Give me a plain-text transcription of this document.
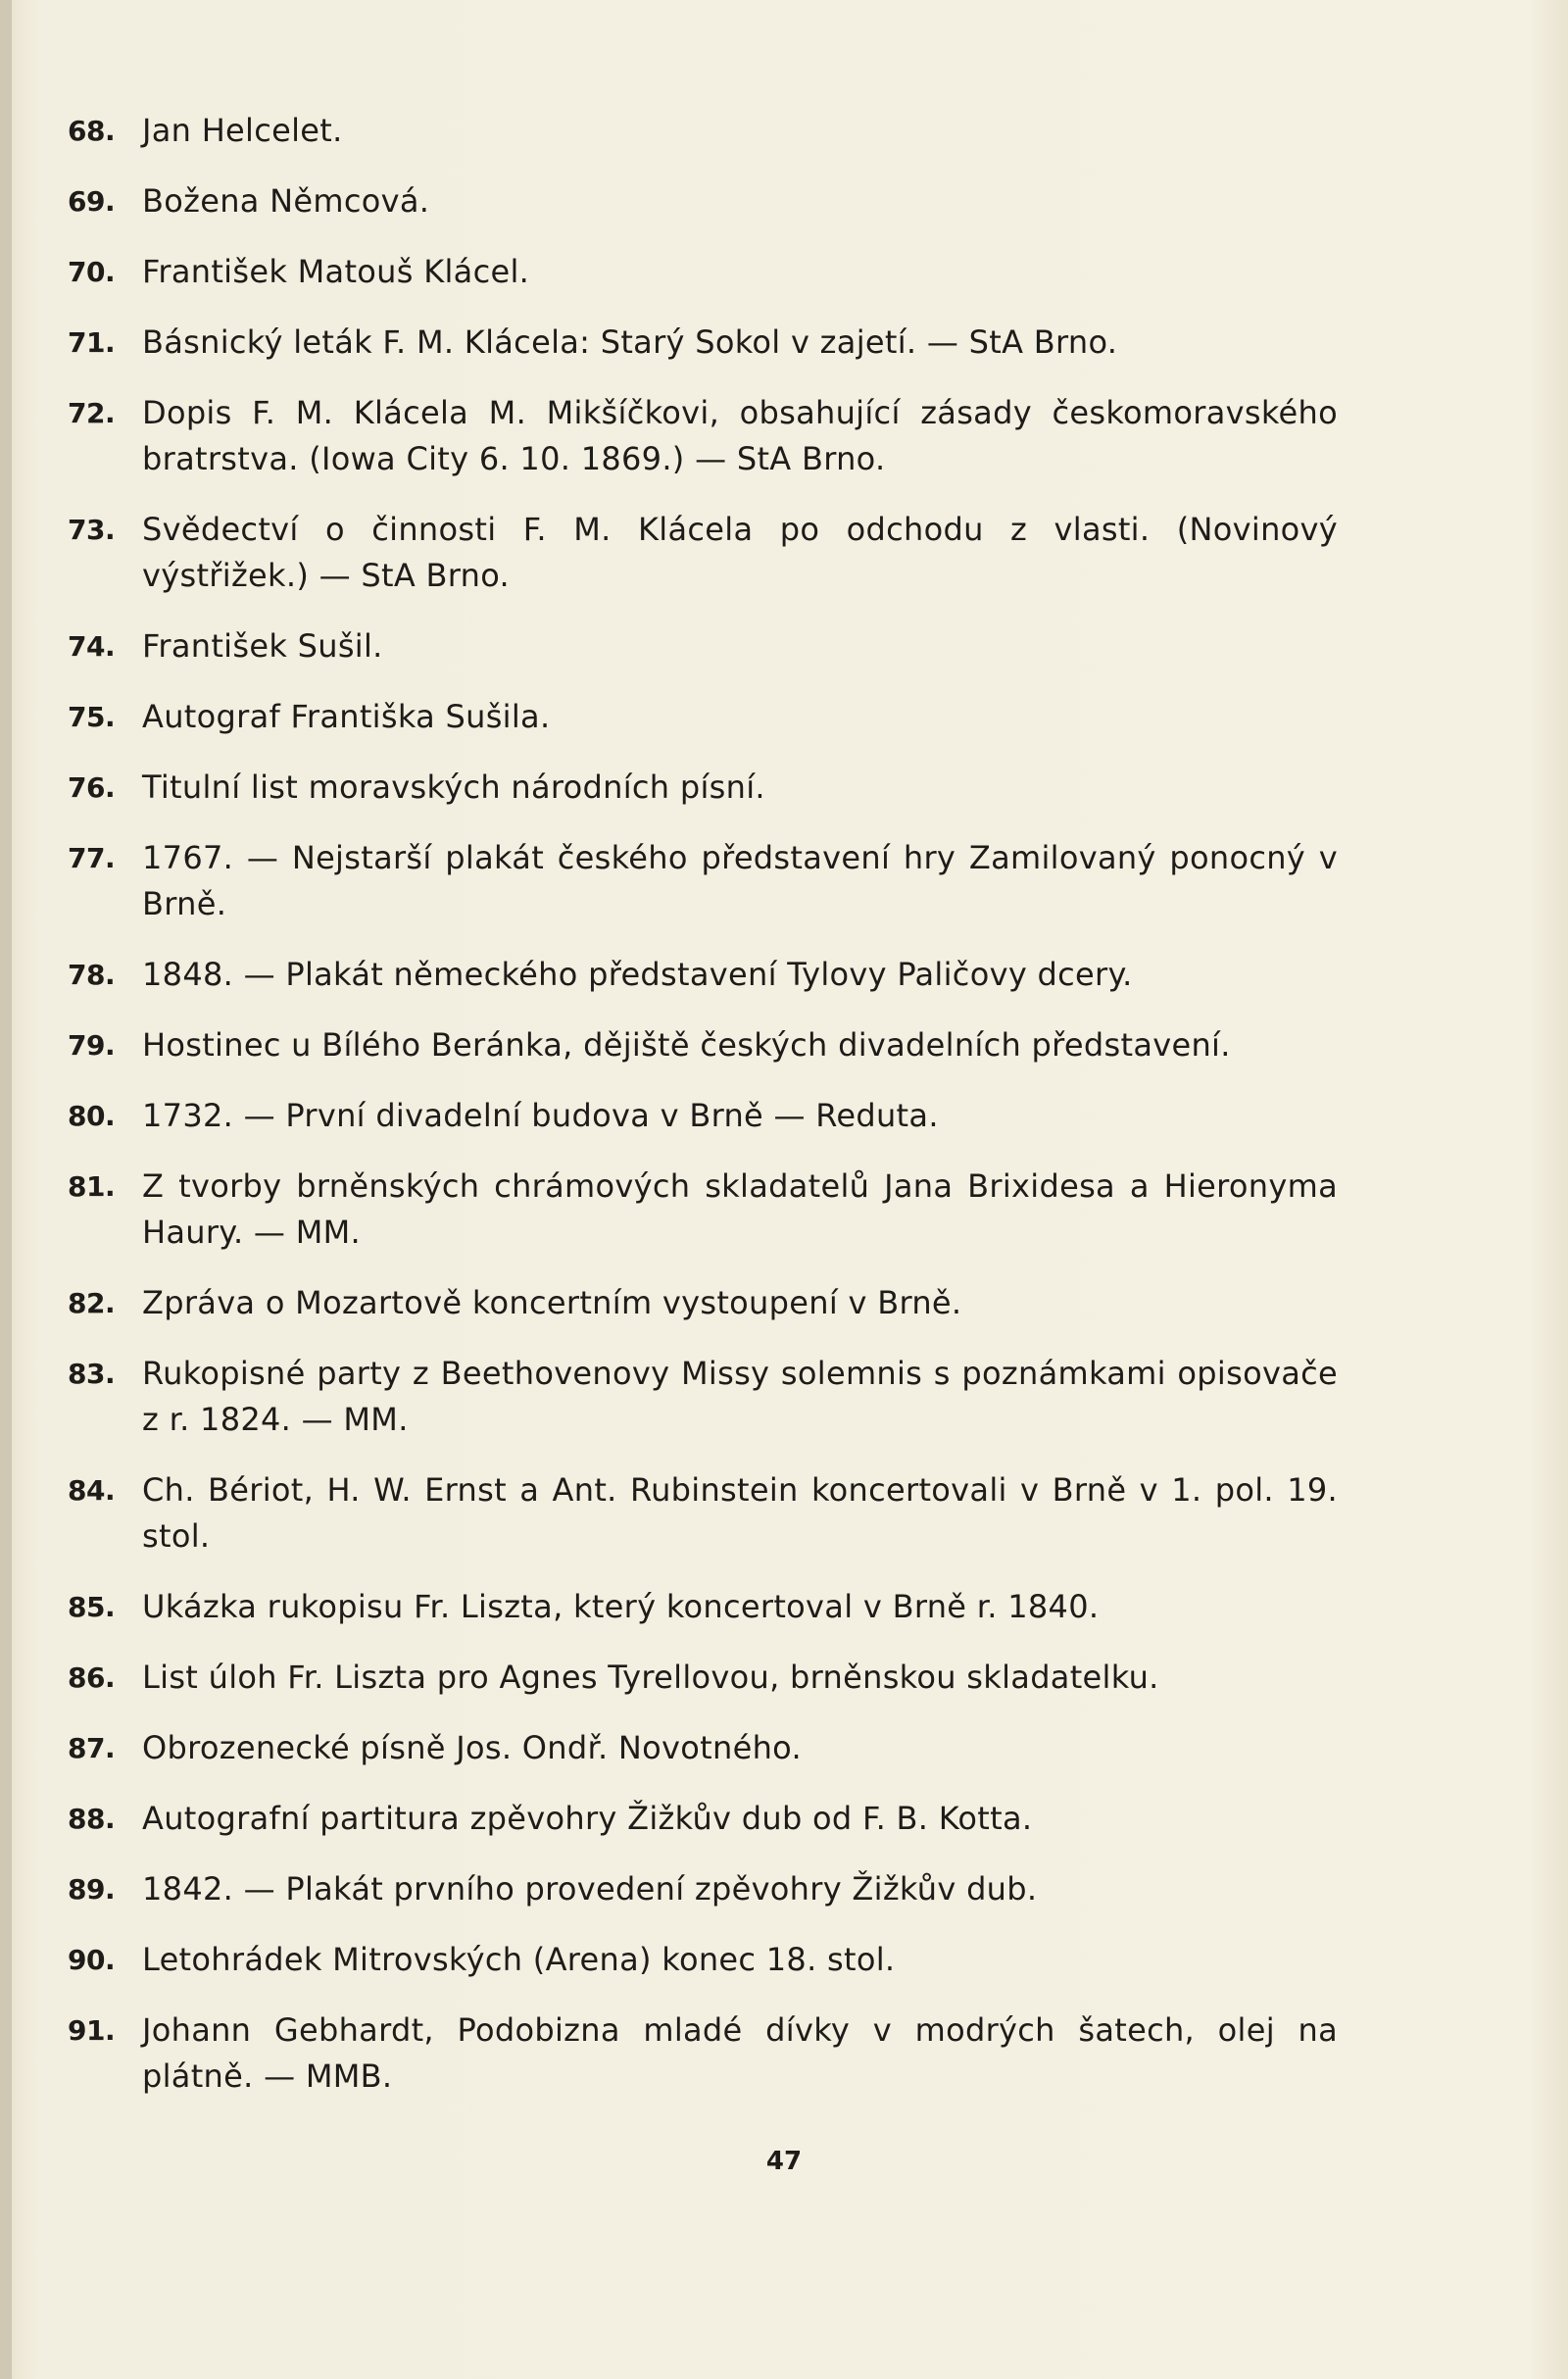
68. Jan Helcelet.
69. Božena Němcová.
70. František Matouš Klácel.
71. Básnický leták F. M. Klácela: Starý Sokol v zajetí. — StA Brno.
72. Dopis F. M. Klácela M. Mikšíčkovi, obsahující zásady českomoravského bratrstva. (Iowa City 6. 10. 1869.) — StA Brno.
73. Svědectví o činnosti F. M. Klácela po odchodu z vlasti. (Novinový výstřižek.) — StA Brno.
74. František Sušil.
75. Autograf Františka Sušila.
76. Titulní list moravských národních písní.
77. 1767. — Nejstarší plakát českého představení hry Zamilovaný ponocný v Brně.
78. 1848. — Plakát německého představení Tylovy Paličovy dcery.
79. Hostinec u Bílého Beránka, dějiště českých divadelních představení.
80. 1732. — První divadelní budova v Brně — Reduta.
81. Z tvorby brněnských chrámových skladatelů Jana Brixidesa a Hieronyma Haury. — MM.
82. Zpráva o Mozartově koncertním vystoupení v Brně.
83. Rukopisné party z Beethovenovy Missy solemnis s poznámkami opisovače z r. 1824. — MM.
84. Ch. Bériot, H. W. Ernst a Ant. Rubinstein koncertovali v Brně v 1. pol. 19. stol.
85. Ukázka rukopisu Fr. Liszta, který koncertoval v Brně r. 1840.
86. List úloh Fr. Liszta pro Agnes Tyrellovou, brněnskou skladatelku.
87. Obrozenecké písně Jos. Ondř. Novotného.
88. Autografní partitura zpěvohry Žižkův dub od F. B. Kotta.
89. 1842. — Plakát prvního provedení zpěvohry Žižkův dub.
90. Letohrádek Mitrovských (Arena) konec 18. stol.
91. Johann Gebhardt, Podobizna mladé dívky v modrých šatech, olej na plátně. — MMB.
47
